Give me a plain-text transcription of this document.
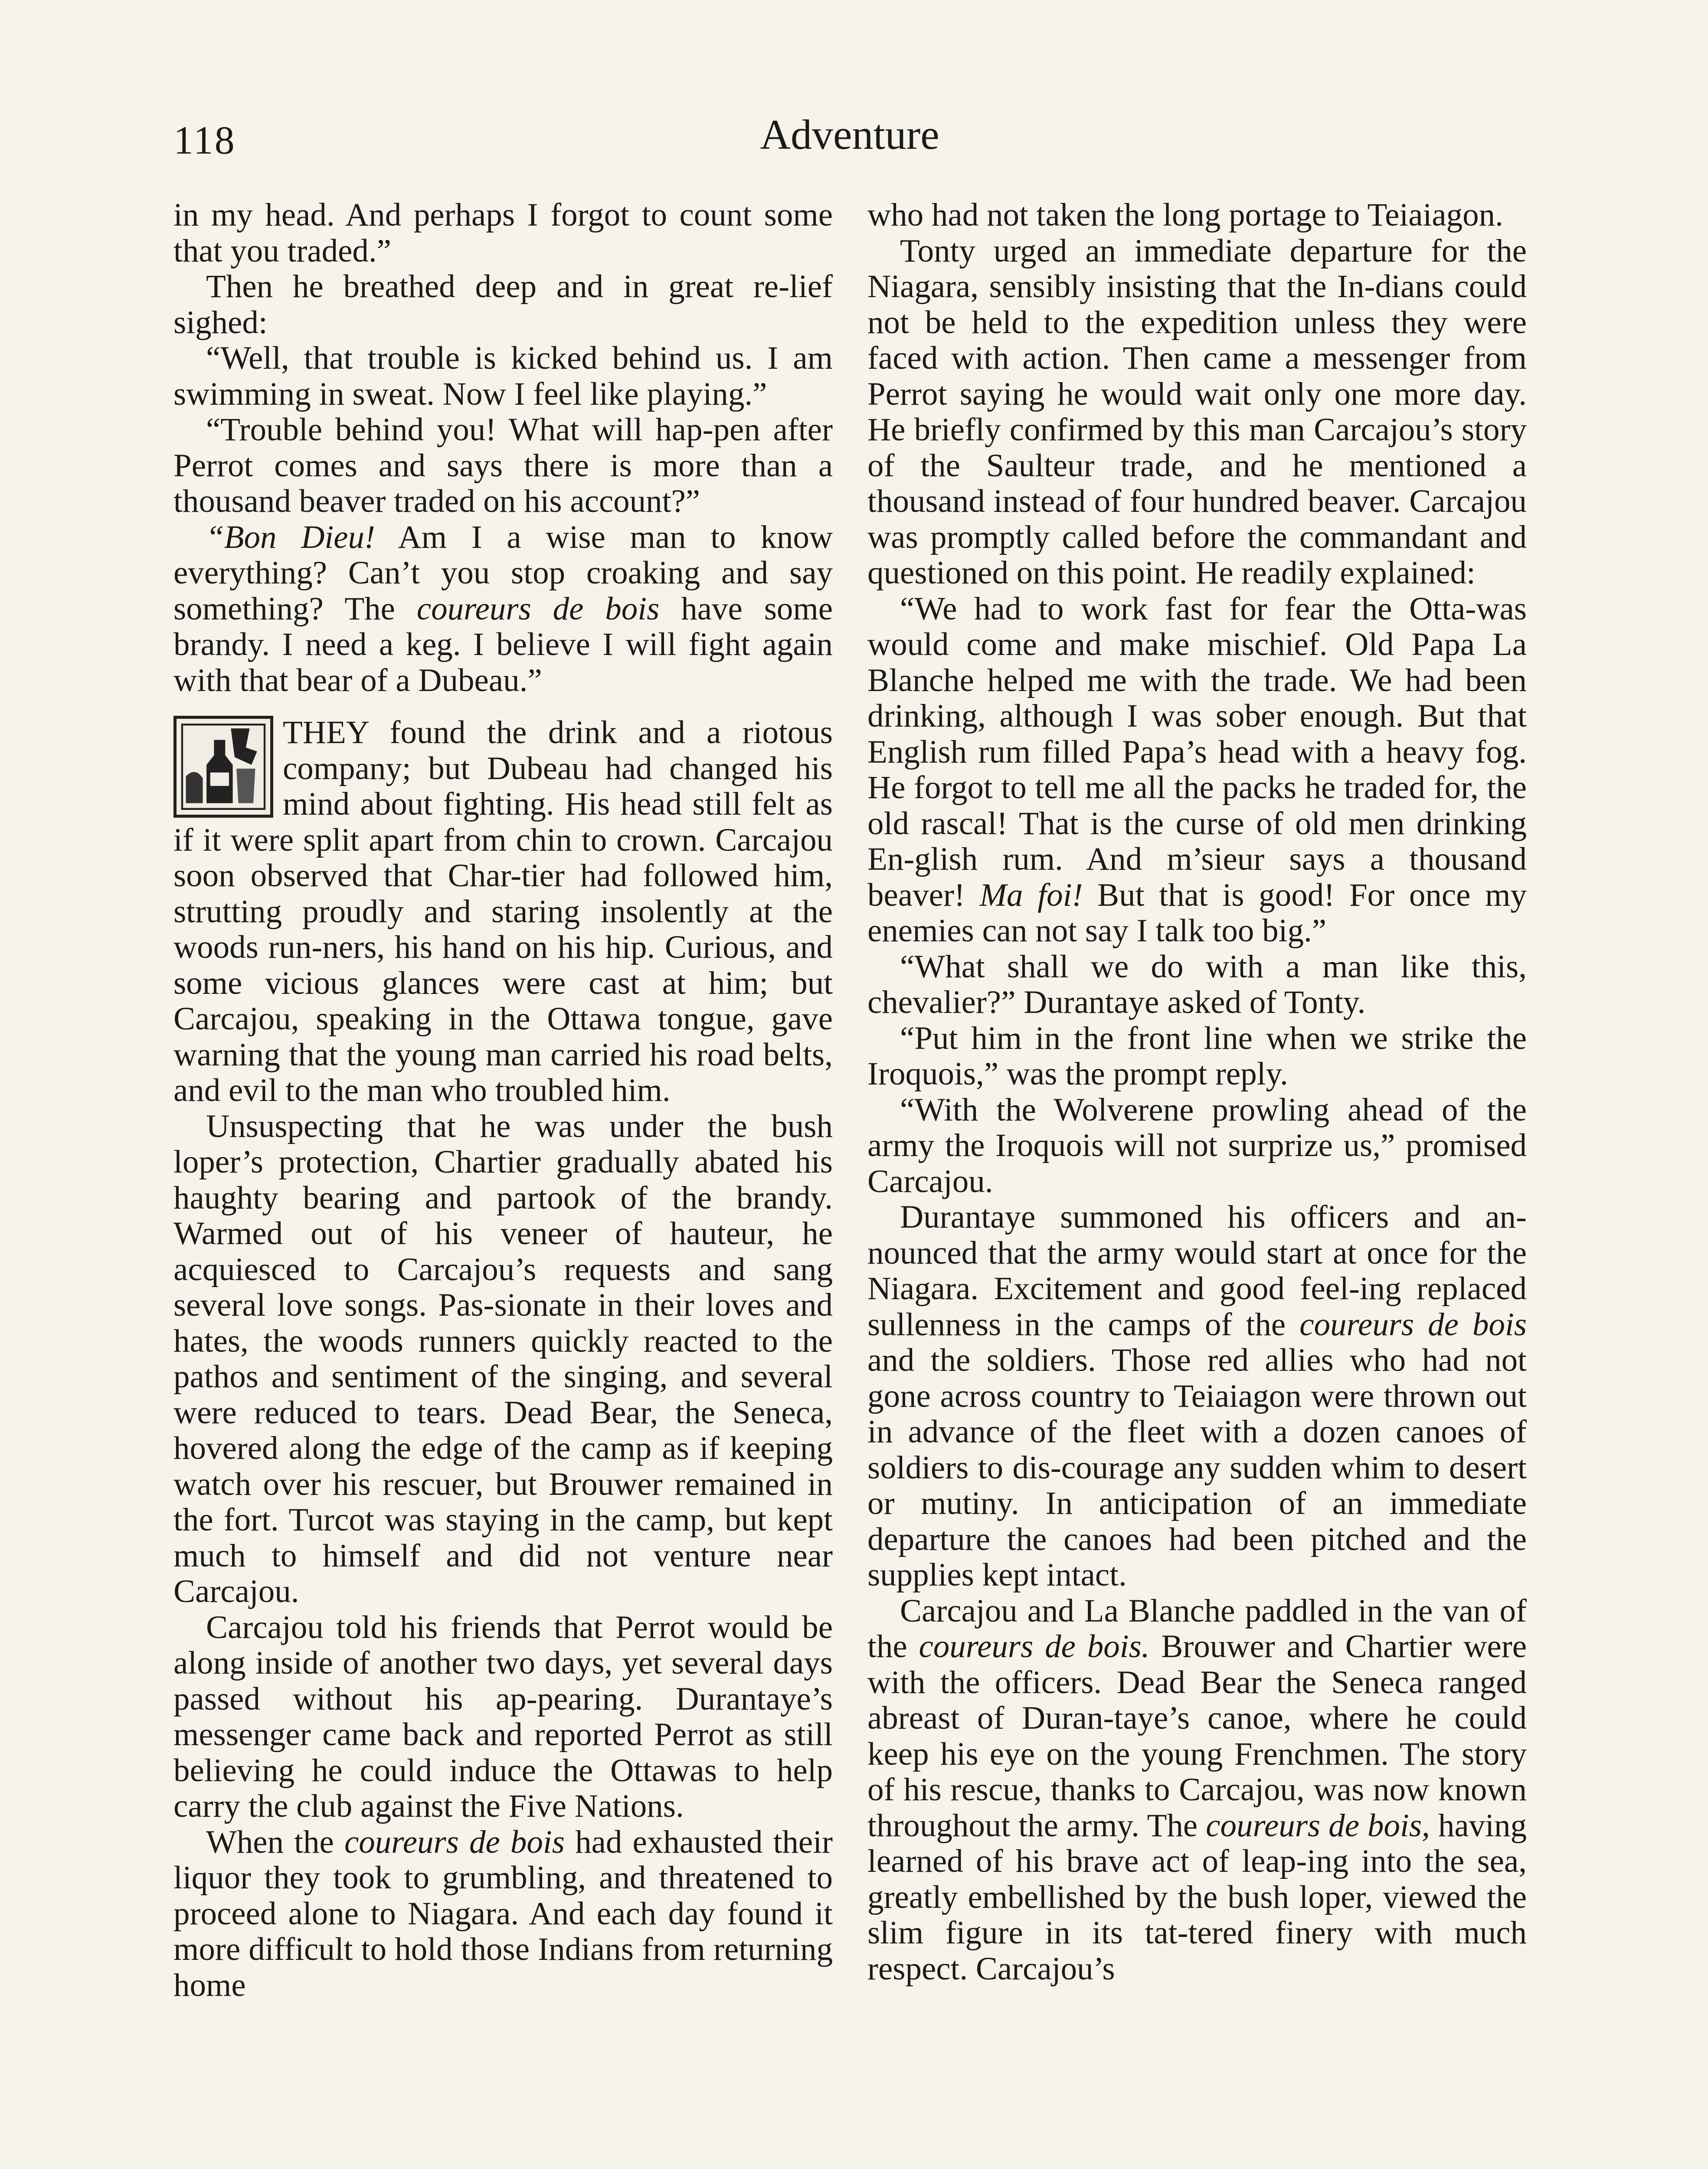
118	Adventure

in my head. And perhaps I forgot to count some that you traded.”

Then he breathed deep and in great re-lief sighed:

“Well, that trouble is kicked behind us. I am swimming in sweat. Now I feel like playing.”

“Trouble behind you! What will hap-pen after Perrot comes and says there is more than a thousand beaver traded on his account?”

“Bon Dieu! Am I a wise man to know everything? Can’t you stop croaking and say something? The coureurs de bois have some brandy. I need a keg. I believe I will fight again with that bear of a Dubeau.”

THEY found the drink and a riotous company; but Dubeau had changed his mind about fighting. His head still felt as if it were split apart from chin to crown. Carcajou soon observed that Char-tier had followed him, strutting proudly and staring insolently at the woods run-ners, his hand on his hip. Curious, and some vicious glances were cast at him; but Carcajou, speaking in the Ottawa tongue, gave warning that the young man carried his road belts, and evil to the man who troubled him.

Unsuspecting that he was under the bush loper’s protection, Chartier gradually abated his haughty bearing and partook of the brandy. Warmed out of his veneer of hauteur, he acquiesced to Carcajou’s requests and sang several love songs. Pas-sionate in their loves and hates, the woods runners quickly reacted to the pathos and sentiment of the singing, and several were reduced to tears. Dead Bear, the Seneca, hovered along the edge of the camp as if keeping watch over his rescuer, but Brouwer remained in the fort. Turcot was staying in the camp, but kept much to himself and did not venture near Carcajou.

Carcajou told his friends that Perrot would be along inside of another two days, yet several days passed without his ap-pearing. Durantaye’s messenger came back and reported Perrot as still believing he could induce the Ottawas to help carry the club against the Five Nations.

When the coureurs de bois had exhausted their liquor they took to grumbling, and threatened to proceed alone to Niagara. And each day found it more difficult to hold those Indians from returning home

who had not taken the long portage to Teiaiagon.

Tonty urged an immediate departure for the Niagara, sensibly insisting that the In-dians could not be held to the expedition unless they were faced with action. Then came a messenger from Perrot saying he would wait only one more day. He briefly confirmed by this man Carcajou’s story of the Saulteur trade, and he mentioned a thousand instead of four hundred beaver. Carcajou was promptly called before the commandant and questioned on this point. He readily explained:

“We had to work fast for fear the Otta-was would come and make mischief. Old Papa La Blanche helped me with the trade. We had been drinking, although I was sober enough. But that English rum filled Papa’s head with a heavy fog. He forgot to tell me all the packs he traded for, the old rascal! That is the curse of old men drinking En-glish rum. And m’sieur says a thousand beaver! Ma foi! But that is good! For once my enemies can not say I talk too big.”

“What shall we do with a man like this, chevalier?” Durantaye asked of Tonty.

“Put him in the front line when we strike the Iroquois,” was the prompt reply.

“With the Wolverene prowling ahead of the army the Iroquois will not surprize us,” promised Carcajou.

Durantaye summoned his officers and an-nounced that the army would start at once for the Niagara. Excitement and good feel-ing replaced sullenness in the camps of the coureurs de bois and the soldiers. Those red allies who had not gone across country to Teiaiagon were thrown out in advance of the fleet with a dozen canoes of soldiers to dis-courage any sudden whim to desert or mutiny. In anticipation of an immediate departure the canoes had been pitched and the supplies kept intact.

Carcajou and La Blanche paddled in the van of the coureurs de bois. Brouwer and Chartier were with the officers. Dead Bear the Seneca ranged abreast of Duran-taye’s canoe, where he could keep his eye on the young Frenchmen. The story of his rescue, thanks to Carcajou, was now known throughout the army. The coureurs de bois, having learned of his brave act of leap-ing into the sea, greatly embellished by the bush loper, viewed the slim figure in its tat-tered finery with much respect. Carcajou’s
